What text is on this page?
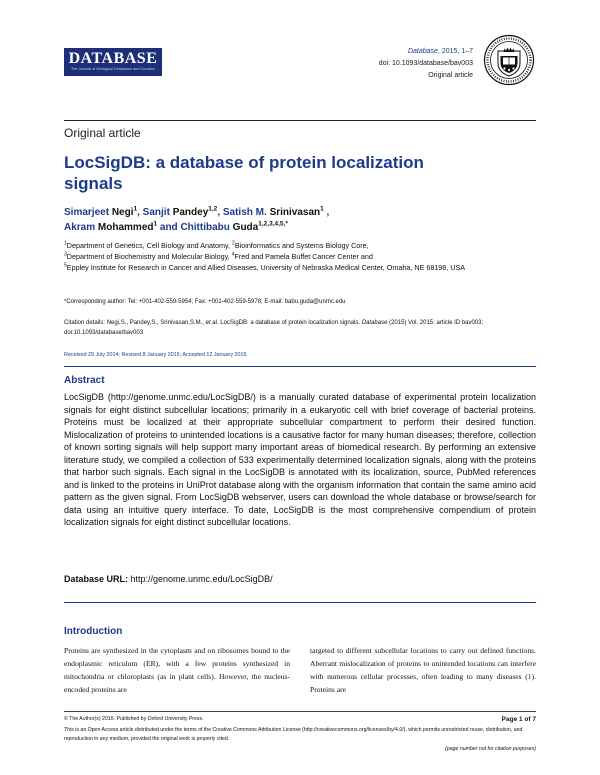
DATABASE
The Journal of Biological Databases and Curation
Database, 2015, 1–7
doi: 10.1093/database/bav003
Original article
Original article
LocSigDB: a database of protein localization signals
Simarjeet Negi$^1$, Sanjit Pandey$^{1,2}$, Satish M. Srinivasan$^1$ ,
Akram Mohammed$^1$ and Chittibabu Guda$^{1,2,3,4,5,*}$
$^1$Department of Genetics, Cell Biology and Anatomy, $^2$Bioinformatics and Systems Biology Core,
$^3$Department of Biochemistry and Molecular Biology, $^4$Fred and Pamela Buffet Cancer Center and
$^5$Eppley Institute for Research in Cancer and Allied Diseases, University of Nebraska Medical Center, Omaha, NE 68198, USA
*Corresponding author: Tel: +001-402-559-5954; Fax: +001-402-559-5978; E-mail: babu.guda@unmc.edu
Citation details: Negi,S., Pandey,S., Srinivasan,S.M., et al. LocSigDB: a database of protein localization signals. Database (2015) Vol. 2015: article ID bav003; doi:10.1093/database/bav003
Received 29 July 2014; Revised 8 January 2015; Accepted 12 January 2015
Abstract
LocSigDB (http://genome.unmc.edu/LocSigDB/) is a manually curated database of experimental protein localization signals for eight distinct subcellular locations; primarily in a eukaryotic cell with brief coverage of bacterial proteins. Proteins must be localized at their appropriate subcellular compartment to perform their desired function. Mislocalization of proteins to unintended locations is a causative factor for many human diseases; therefore, collection of known sorting signals will help support many important areas of biomedical research. By performing an extensive literature study, we compiled a collection of 533 experimentally determined localization signals, along with the proteins that harbor such signals. Each signal in the LocSigDB is annotated with its localization, source, PubMed references and is linked to the proteins in UniProt database along with the organism information that contain the same amino acid pattern as the given signal. From LocSigDB webserver, users can download the whole database or browse/search for data using an intuitive query interface. To date, LocSigDB is the most comprehensive compendium of protein localization signals for eight distinct subcellular locations.
Database URL: http://genome.unmc.edu/LocSigDB/
Introduction
Proteins are synthesized in the cytoplasm and on ribosomes bound to the endoplasmic reticulum (ER), with a few proteins synthesized in mitochondria or chloroplasts (as in plant cells). However, the nucleus-encoded proteins are
targeted to different subcellular locations to carry out defined functions. Aberrant mislocalization of proteins to unintended locations can interfere with numerous cellular processes, often leading to many diseases (1). Proteins are
© The Author(s) 2015. Published by Oxford University Press.	Page 1 of 7
This is an Open Access article distributed under the terms of the Creative Commons Attribution License (http://creativecommons.org/licenses/by/4.0/), which permits unrestricted reuse, distribution, and reproduction in any medium, provided the original work is properly cited.
(page number not for citation purposes)
